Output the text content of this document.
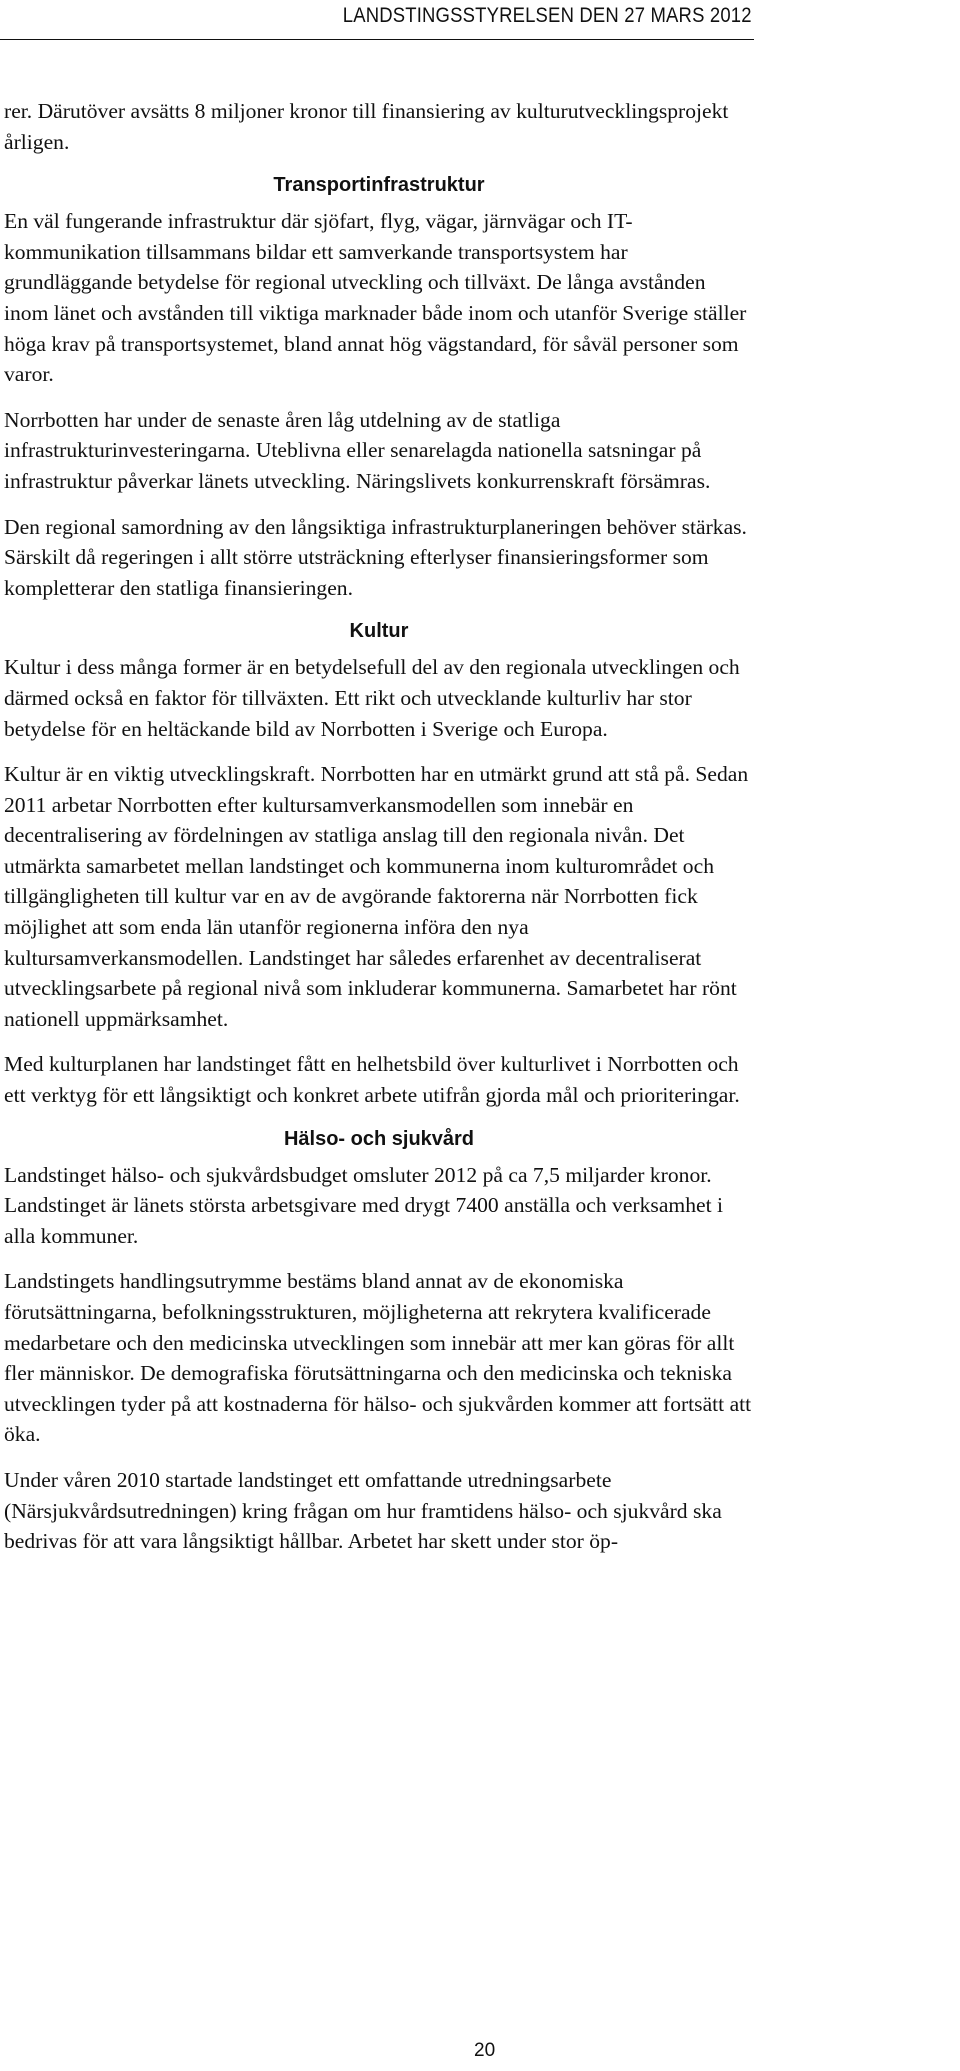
LANDSTINGSSTYRELSEN DEN 27 MARS 2012

rer. Därutöver avsätts 8 miljoner kronor till finansiering av kulturutvecklingsprojekt årligen.

Transportinfrastruktur

En väl fungerande infrastruktur där sjöfart, flyg, vägar, järnvägar och IT-kommunikation tillsammans bildar ett samverkande transportsystem har grundläggande betydelse för regional utveckling och tillväxt. De långa avstånden inom länet och avstånden till viktiga marknader både inom och utanför Sverige ställer höga krav på transportsystemet, bland annat hög vägstandard, för såväl personer som varor.

Norrbotten har under de senaste åren låg utdelning av de statliga infrastrukturinvesteringarna. Uteblivna eller senarelagda nationella satsningar på infrastruktur påverkar länets utveckling. Näringslivets konkurrenskraft försämras.

Den regional samordning av den långsiktiga infrastrukturplaneringen behöver stärkas. Särskilt då regeringen i allt större utsträckning efterlyser finansieringsformer som kompletterar den statliga finansieringen.

Kultur

Kultur i dess många former är en betydelsefull del av den regionala utvecklingen och därmed också en faktor för tillväxten. Ett rikt och utvecklande kulturliv har stor betydelse för en heltäckande bild av Norrbotten i Sverige och Europa.

Kultur är en viktig utvecklingskraft. Norrbotten har en utmärkt grund att stå på. Sedan 2011 arbetar Norrbotten efter kultursamverkansmodellen som innebär en decentralisering av fördelningen av statliga anslag till den regionala nivån. Det utmärkta samarbetet mellan landstinget och kommunerna inom kulturområdet och tillgängligheten till kultur var en av de avgörande faktorerna när Norrbotten fick möjlighet att som enda län utanför regionerna införa den nya kultursamverkansmodellen. Landstinget har således erfarenhet av decentraliserat utvecklingsarbete på regional nivå som inkluderar kommunerna. Samarbetet har rönt nationell uppmärksamhet.

Med kulturplanen har landstinget fått en helhetsbild över kulturlivet i Norrbotten och ett verktyg för ett långsiktigt och konkret arbete utifrån gjorda mål och prioriteringar.

Hälso- och sjukvård

Landstinget hälso- och sjukvårdsbudget omsluter 2012 på ca 7,5 miljarder kronor. Landstinget är länets största arbetsgivare med drygt 7400 anställa och verksamhet i alla kommuner.

Landstingets handlingsutrymme bestäms bland annat av de ekonomiska förutsättningarna, befolkningsstrukturen, möjligheterna att rekrytera kvalificerade medarbetare och den medicinska utvecklingen som innebär att mer kan göras för allt fler människor. De demografiska förutsättningarna och den medicinska och tekniska utvecklingen tyder på att kostnaderna för hälso- och sjukvården kommer att fortsätt att öka.

Under våren 2010 startade landstinget ett omfattande utredningsarbete (Närsjukvårdsutredningen) kring frågan om hur framtidens hälso- och sjukvård ska bedrivas för att vara långsiktigt hållbar. Arbetet har skett under stor öp-

20
